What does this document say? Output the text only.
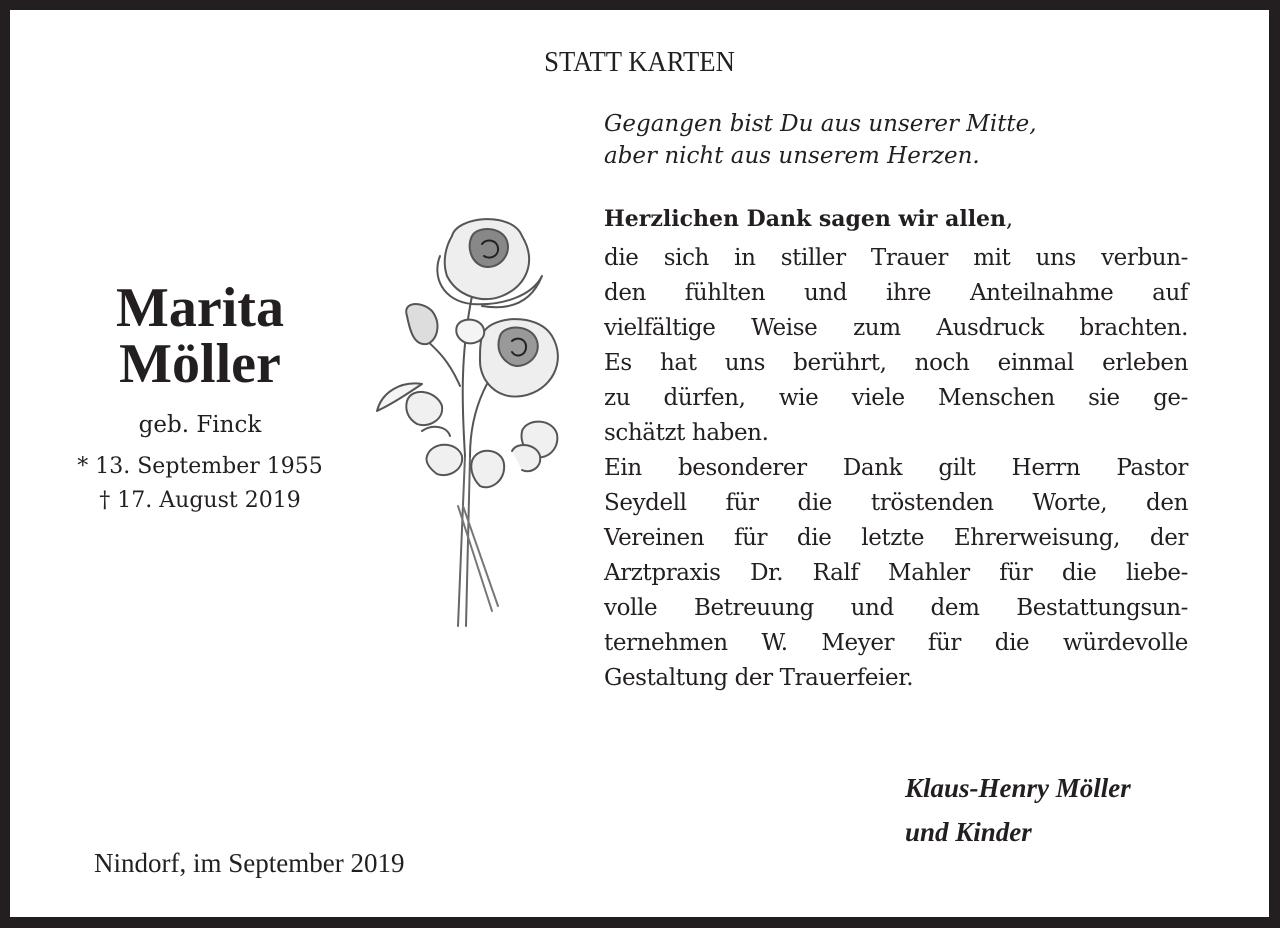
STATT KARTEN
Marita
Möller
geb. Finck
* 13. September 1955
† 17. August 2019
Gegangen bist Du aus unserer Mitte,
aber nicht aus unserem Herzen.
Herzlichen Dank sagen wir allen,
die sich in stiller Trauer mit uns verbun-
den fühlten und ihre Anteilnahme auf
vielfältige Weise zum Ausdruck brachten.
Es hat uns berührt, noch einmal erleben
zu dürfen, wie viele Menschen sie ge-
schätzt haben.
Ein besonderer Dank gilt Herrn Pastor
Seydell für die tröstenden Worte, den
Vereinen für die letzte Ehrerweisung, der
Arztpraxis Dr. Ralf Mahler für die liebe-
volle Betreuung und dem Bestattungsun-
ternehmen W. Meyer für die würdevolle
Gestaltung der Trauerfeier.
Klaus-Henry Möller
und Kinder
Nindorf, im September 2019
